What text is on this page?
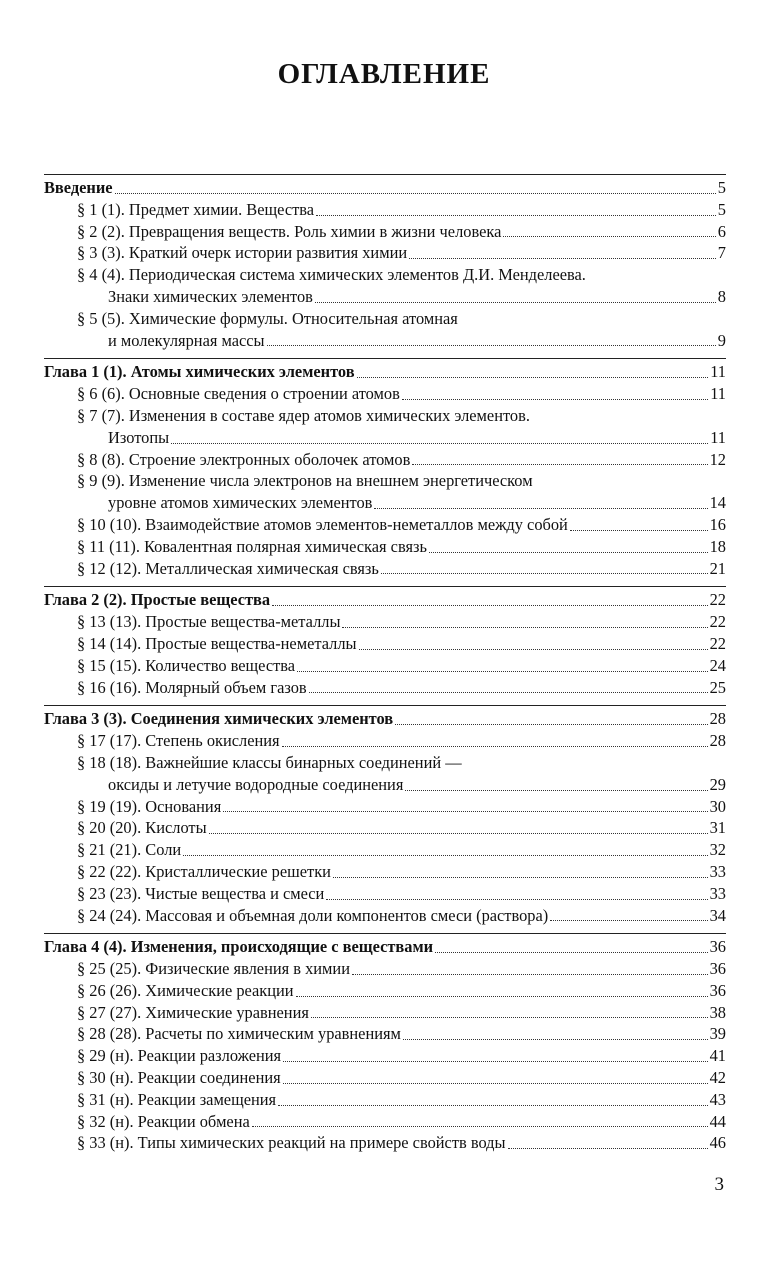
ОГЛАВЛЕНИЕ
Введение	5
§ 1 (1). Предмет химии. Вещества	5
§ 2 (2). Превращения веществ. Роль химии в жизни человека	6
§ 3 (3). Краткий очерк истории развития химии	7
§ 4 (4). Периодическая система химических элементов Д.И. Менделеева.
Знаки химических элементов	8
§ 5 (5). Химические формулы. Относительная атомная
и молекулярная массы	9
Глава 1 (1). Атомы химических элементов	11
§ 6 (6). Основные сведения о строении атомов	11
§ 7 (7). Изменения в составе ядер атомов химических элементов.
Изотопы	11
§ 8 (8). Строение электронных оболочек атомов	12
§ 9 (9). Изменение числа электронов на внешнем энергетическом
уровне атомов химических элементов	14
§ 10 (10). Взаимодействие атомов элементов-неметаллов между собой	16
§ 11 (11). Ковалентная полярная химическая связь	18
§ 12 (12). Металлическая химическая связь	21
Глава 2 (2). Простые вещества	22
§ 13 (13). Простые вещества-металлы	22
§ 14 (14). Простые вещества-неметаллы	22
§ 15 (15). Количество вещества	24
§ 16 (16). Молярный объем газов	25
Глава 3 (3). Соединения химических элементов	28
§ 17 (17). Степень окисления	28
§ 18 (18). Важнейшие классы бинарных соединений —
оксиды и летучие водородные соединения	29
§ 19 (19). Основания	30
§ 20 (20). Кислоты	31
§ 21 (21). Соли	32
§ 22 (22). Кристаллические решетки	33
§ 23 (23). Чистые вещества и смеси	33
§ 24 (24). Массовая и объемная доли компонентов смеси (раствора)	34
Глава 4 (4). Изменения, происходящие с веществами	36
§ 25 (25). Физические явления в химии	36
§ 26 (26). Химические реакции	36
§ 27 (27). Химические уравнения	38
§ 28 (28). Расчеты по химическим уравнениям	39
§ 29 (н). Реакции разложения	41
§ 30 (н). Реакции соединения	42
§ 31 (н). Реакции замещения	43
§ 32 (н). Реакции обмена	44
§ 33 (н). Типы химических реакций на примере свойств воды	46
3
